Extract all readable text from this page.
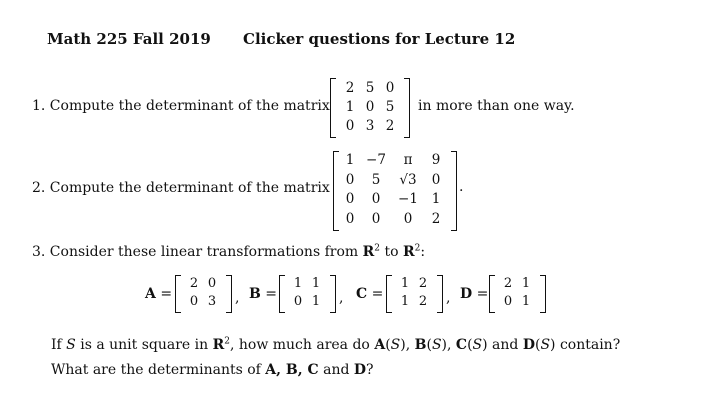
Math 225 Fall 2019 Clicker questions for Lecture 12
1. Compute the determinant of the matrix
2 5 0
1 0 5
0 3 2
in more than one way.
2. Compute the determinant of the matrix
1 −7	π	9
0	5	√3	0
0	0	−1	1
0	0	0	2
.
3. Consider these linear transformations from $R^2$ to $R^2$:
A =
2 0
0 3	, B =
1 1
0 1	, C =
1 2
1 2	, D =
2 1
0 1
If S is a unit square in $R^2$, how much area do A(S), B(S), C(S) and D(S) contain?
What are the determinants of A, B, C and D?
